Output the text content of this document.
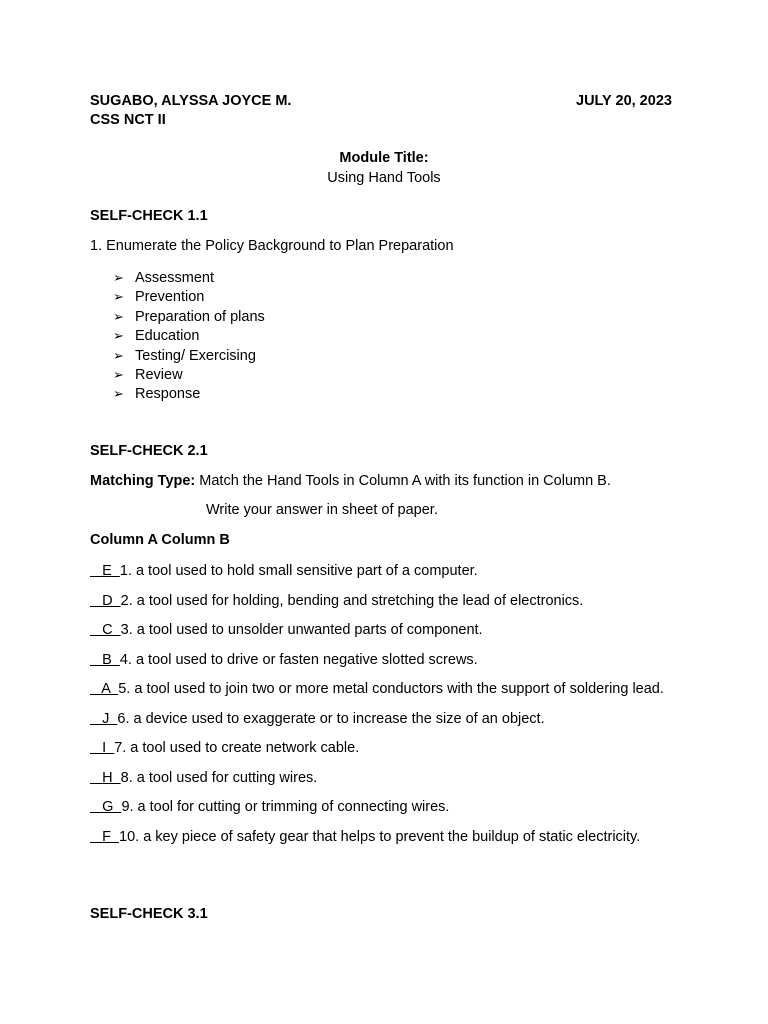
SUGABO, ALYSSA JOYCE M.	JULY 20, 2023
CSS NCT II
Module Title:
Using Hand Tools
SELF-CHECK 1.1
1. Enumerate the Policy Background to Plan Preparation
➢ Assessment
➢ Prevention
➢ Preparation of plans
➢ Education
➢ Testing/ Exercising
➢ Review
➢ Response
SELF-CHECK 2.1
Matching Type: Match the Hand Tools in Column A with its function in Column B.
Write your answer in sheet of paper.
Column A Column B
E 1. a tool used to hold small sensitive part of a computer.
D 2. a tool used for holding, bending and stretching the lead of electronics.
C 3. a tool used to unsolder unwanted parts of component.
B 4. a tool used to drive or fasten negative slotted screws.
A 5. a tool used to join two or more metal conductors with the support of soldering lead.
J 6. a device used to exaggerate or to increase the size of an object.
I 7. a tool used to create network cable.
H 8. a tool used for cutting wires.
G 9. a tool for cutting or trimming of connecting wires.
F 10. a key piece of safety gear that helps to prevent the buildup of static electricity.
SELF-CHECK 3.1
